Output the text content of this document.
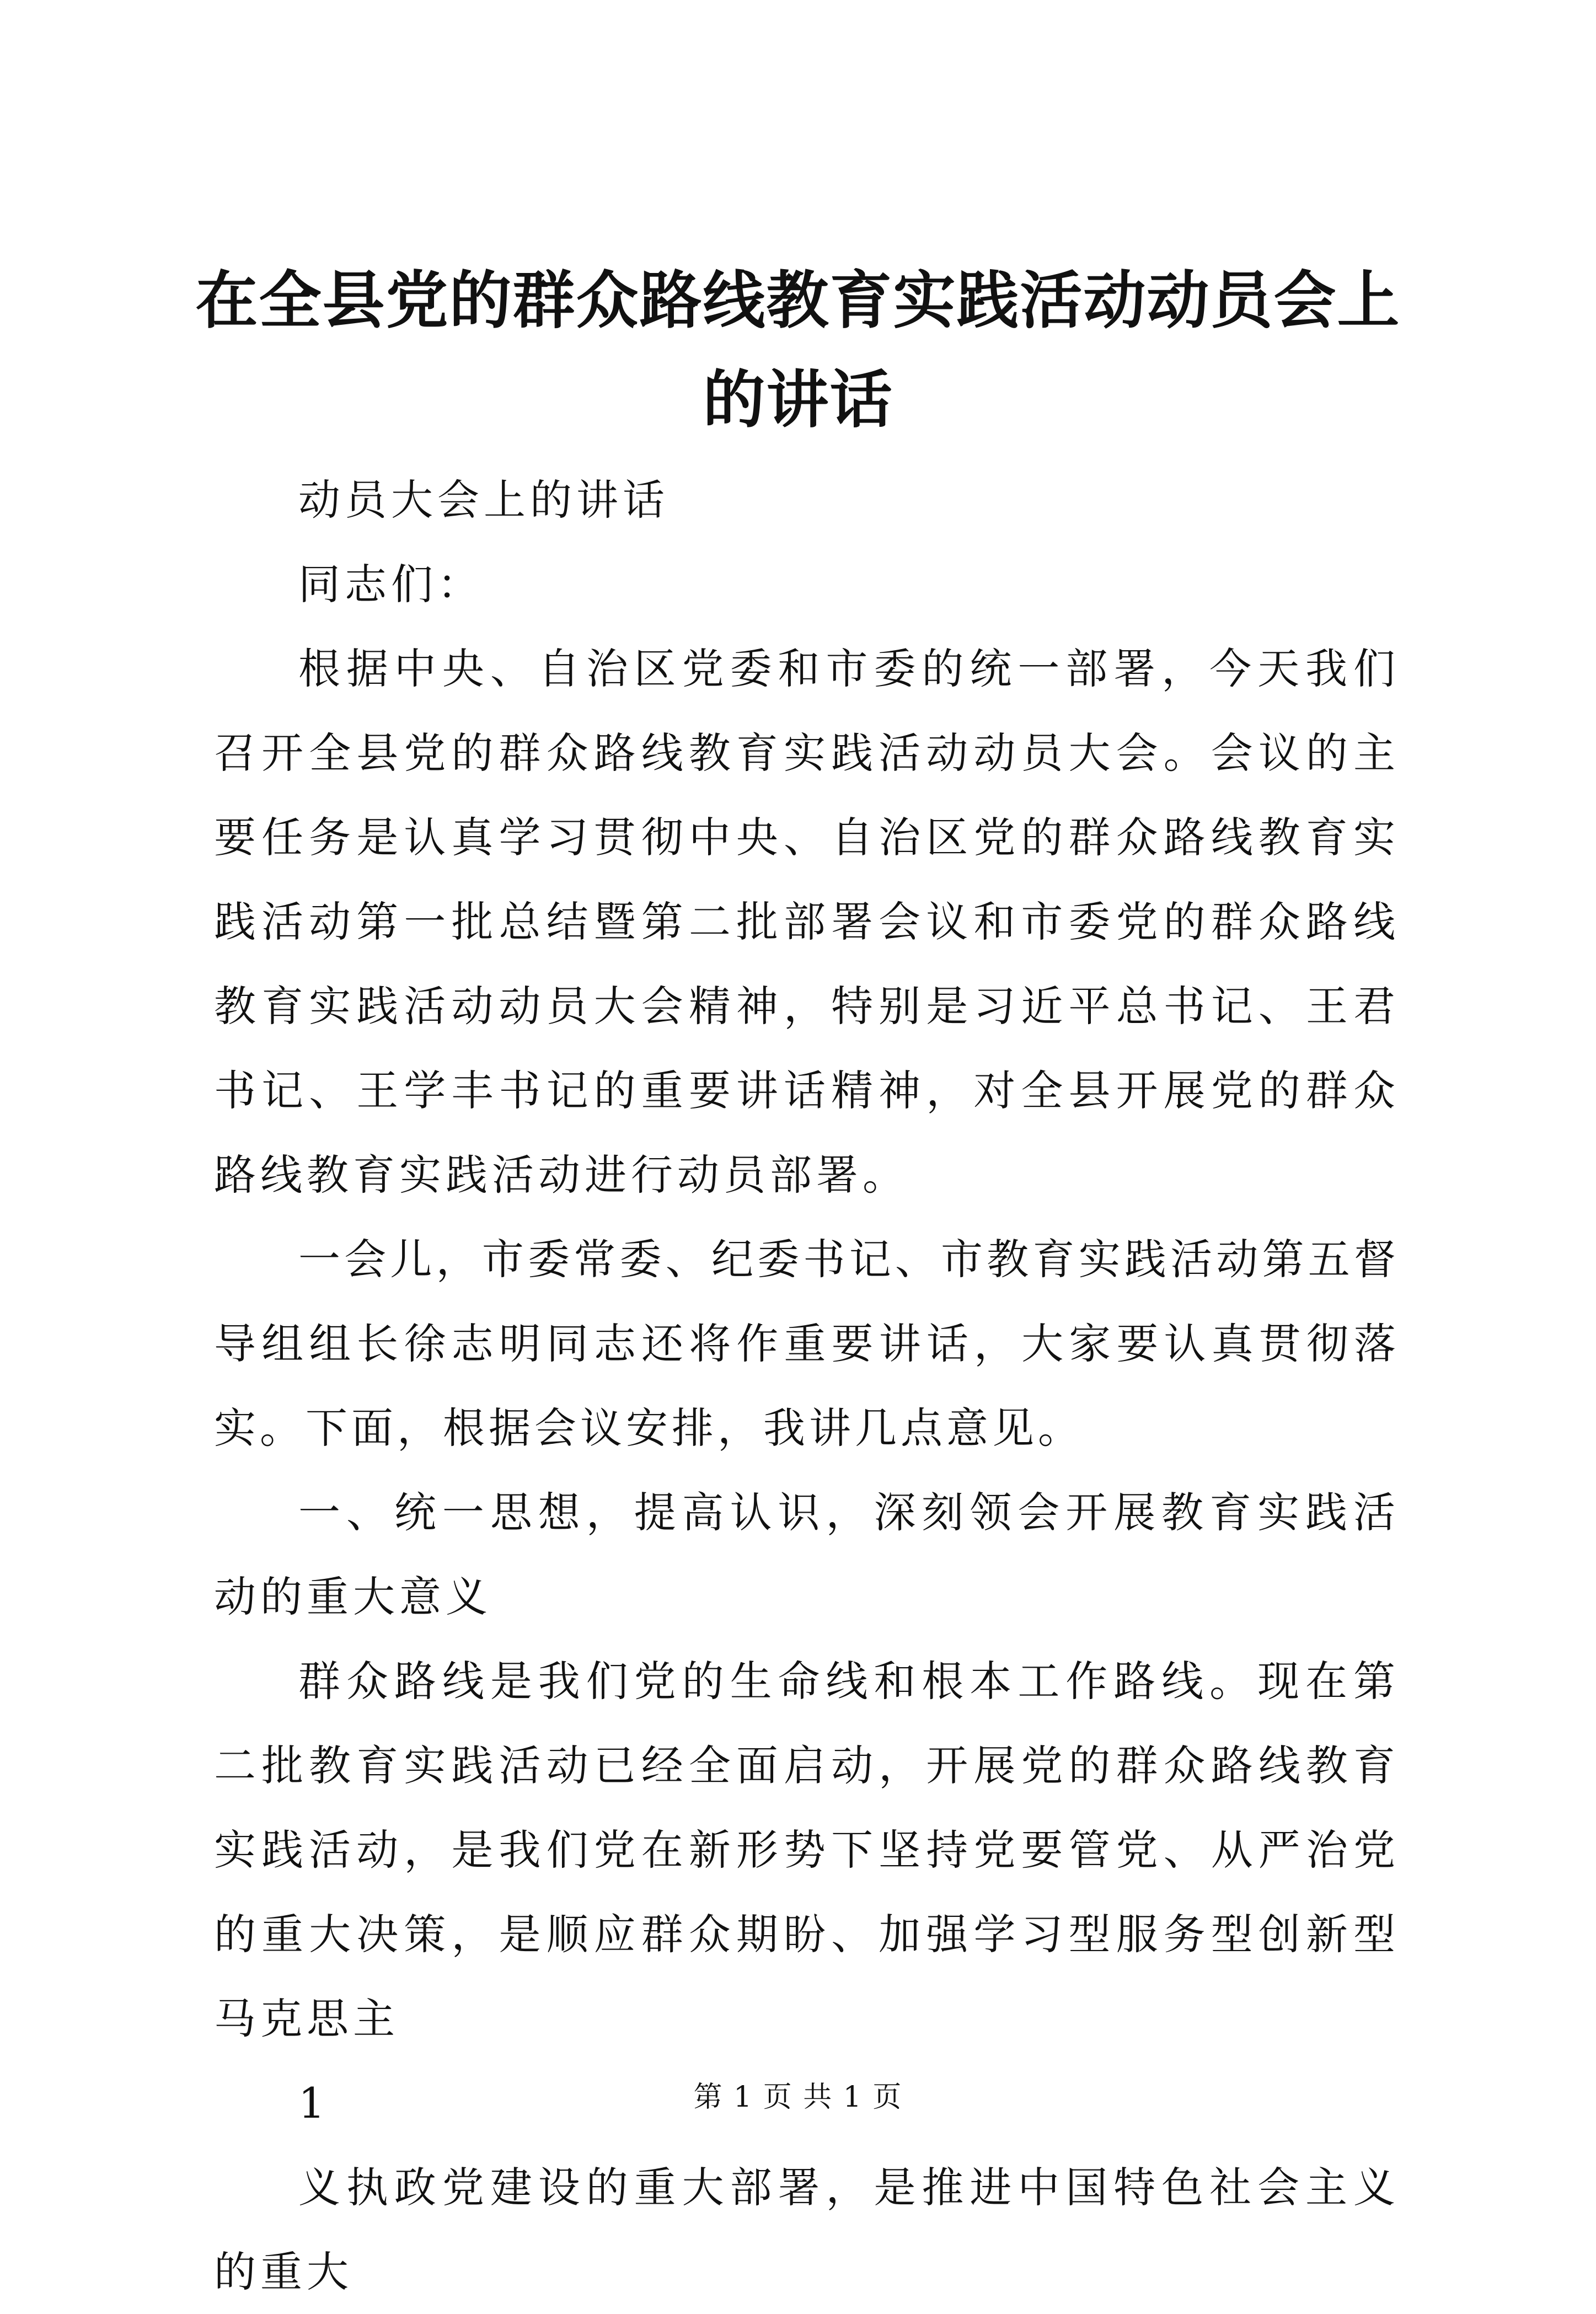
在全县党的群众路线教育实践活动动员会上的讲话

动员大会上的讲话

同志们：

根据中央、自治区党委和市委的统一部署，今天我们召开全县党的群众路线教育实践活动动员大会。会议的主要任务是认真学习贯彻中央、自治区党的群众路线教育实践活动第一批总结暨第二批部署会议和市委党的群众路线教育实践活动动员大会精神，特别是习近平总书记、王君书记、王学丰书记的重要讲话精神，对全县开展党的群众路线教育实践活动进行动员部署。

一会儿，市委常委、纪委书记、市教育实践活动第五督导组组长徐志明同志还将作重要讲话，大家要认真贯彻落实。下面，根据会议安排，我讲几点意见。

一、统一思想，提高认识，深刻领会开展教育实践活动的重大意义

群众路线是我们党的生命线和根本工作路线。现在第二批教育实践活动已经全面启动，开展党的群众路线教育实践活动，是我们党在新形势下坚持党要管党、从严治党的重大决策，是顺应群众期盼、加强学习型服务型创新型马克思主

1

义执政党建设的重大部署，是推进中国特色社会主义的重大

第 1 页 共 1 页
